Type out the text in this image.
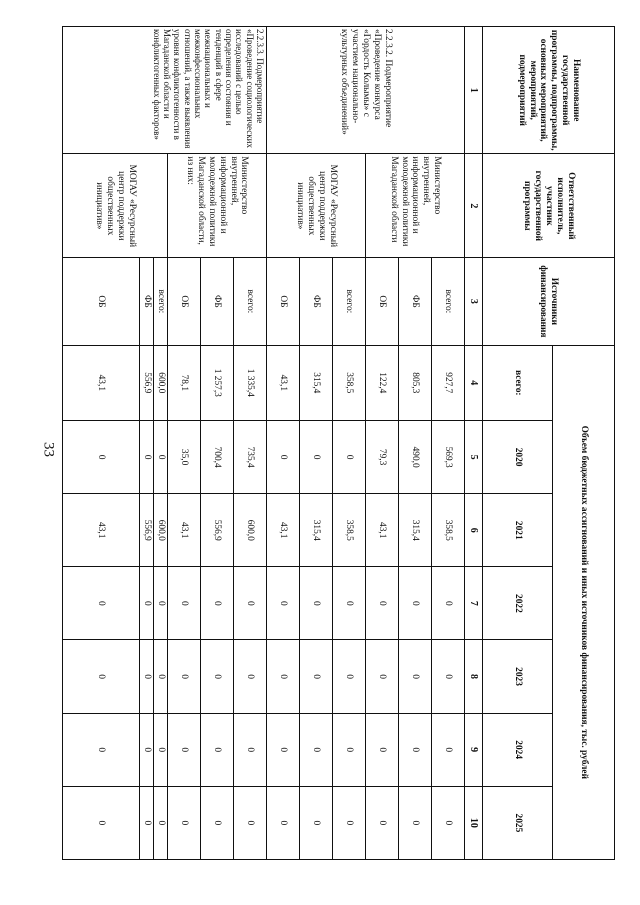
33
Наименование государственной программы, подпрограммы, основных мероприятий, мероприятий, подмероприятий	Ответственный исполнитель, участник государственной программы	Источники финансирования	Объем бюджетных ассигнований и иных источников финансирования, тыс. рублей						
			всего:	2020	2021	2022	2023	2024	2025
1	2	3	4	5	6	7	8	9	10
2.2.3.2. Подмероприятие «Проведение конкурса «Гордость Колымы» с участием национально-культурных объединений»	Министерство внутренней, информационной и молодежной политики Магаданской области	всего:	927,7	569,3	358,5	0	0	0	0
		ФБ	805,3	490,0	315,4	0	0	0	0
		ОБ	122,4	79,3	43,1	0	0	0	0
	МОГАУ «Ресурсный центр поддержки общественных инициатив»	всего:	358,5	0	358,5	0	0	0	0
		ФБ	315,4	0	315,4	0	0	0	0
		ОБ	43,1	0	43,1	0	0	0	0
2.2.3.3. Подмероприятие «Проведение социологических исследований с целью определения состояния и тенденций в сфере межнациональных и межконфессиональных отношений, а также выявления уровня конфликтогенности в Магаданской области и конфликтогенных факторов»	Министерство внутренней, информационной и молодежной политики Магаданской области, из них:	всего:	1 335,4	735,4	600,0	0	0	0	0
		ФБ	1 257,3	700,4	556,9	0	0	0	0
		ОБ	78,1	35,0	43,1	0	0	0	0
	МОГАУ «Ресурсный центр поддержки общественных инициатив»	всего:	600,0	0	600,0	0	0	0	0
		ФБ	556,9	0	556,9	0	0	0	0
		ОБ	43,1	0	43,1	0	0	0	0
